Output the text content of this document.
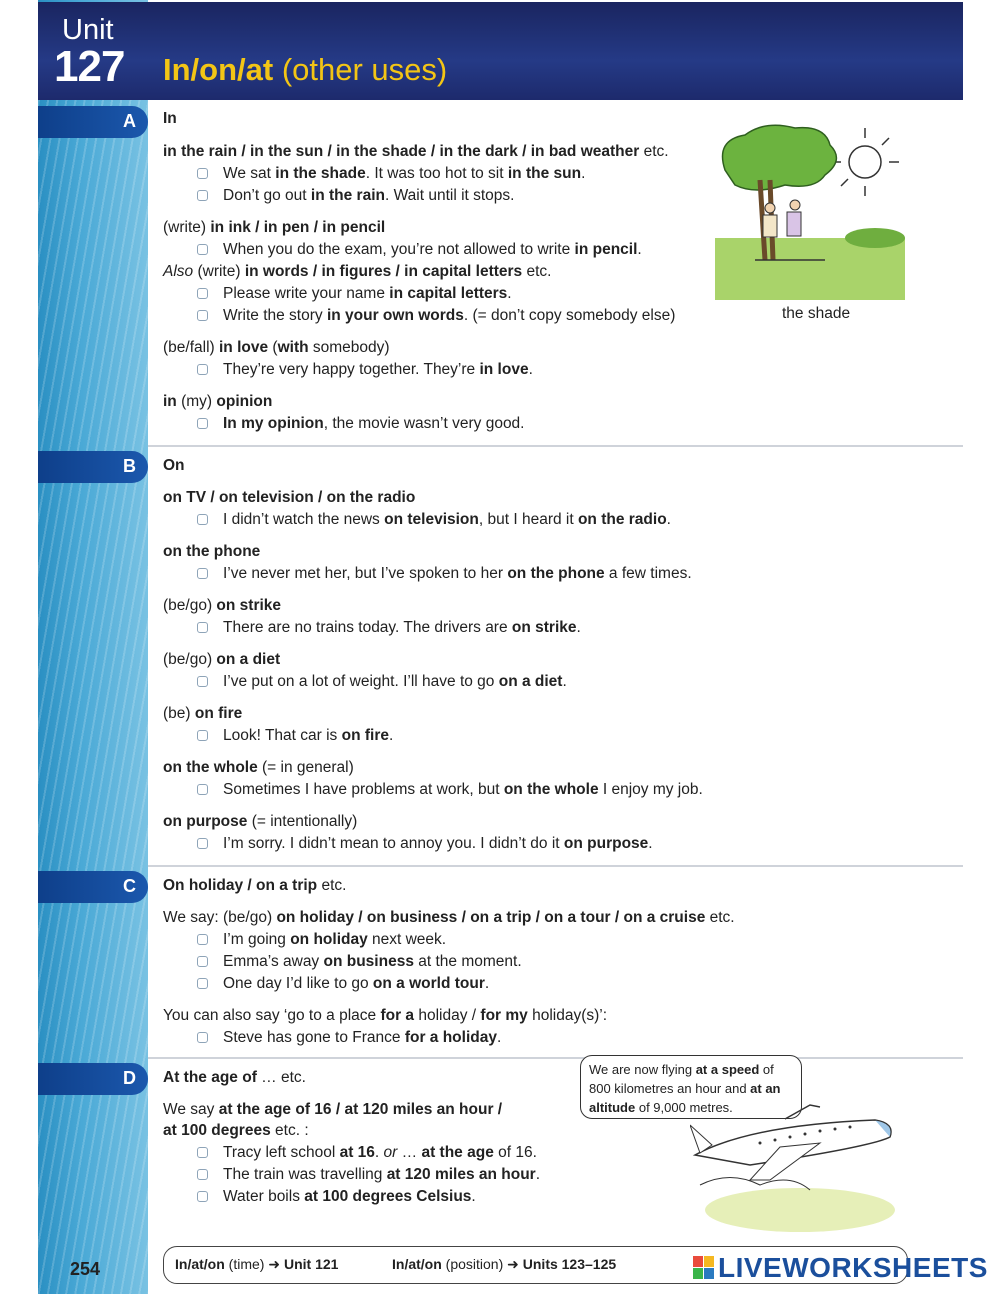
Unit
127 In/on/at (other uses)
A In
in the rain / in the sun / in the shade / in the dark / in bad weather etc.
We sat in the shade. It was too hot to sit in the sun.
Don’t go out in the rain. Wait until it stops.
(write) in ink / in pen / in pencil
When you do the exam, you’re not allowed to write in pencil.
Also (write) in words / in figures / in capital letters etc.
Please write your name in capital letters.
Write the story in your own words. (= don’t copy somebody else)
(be/fall) in love (with somebody)
They’re very happy together. They’re in love.
in (my) opinion
In my opinion, the movie wasn’t very good.
the shade
B On
on TV / on television / on the radio
I didn’t watch the news on television, but I heard it on the radio.
on the phone
I’ve never met her, but I’ve spoken to her on the phone a few times.
(be/go) on strike
There are no trains today. The drivers are on strike.
(be/go) on a diet
I’ve put on a lot of weight. I’ll have to go on a diet.
(be) on fire
Look! That car is on fire.
on the whole (= in general)
Sometimes I have problems at work, but on the whole I enjoy my job.
on purpose (= intentionally)
I’m sorry. I didn’t mean to annoy you. I didn’t do it on purpose.
C On holiday / on a trip etc.
We say: (be/go) on holiday / on business / on a trip / on a tour / on a cruise etc.
I’m going on holiday next week.
Emma’s away on business at the moment.
One day I’d like to go on a world tour.
You can also say ‘go to a place for a holiday / for my holiday(s)’:
Steve has gone to France for a holiday.
D At the age of … etc.
We say at the age of 16 / at 120 miles an hour /
at 100 degrees etc. :
Tracy left school at 16. or … at the age of 16.
The train was travelling at 120 miles an hour.
Water boils at 100 degrees Celsius.
We are now flying at a speed of 800 kilometres an hour and at an altitude of 9,000 metres.
254	In/at/on (time) ➜ Unit 121	In/at/on (position) ➜ Units 123–125	LIVEWORKSHEETS
